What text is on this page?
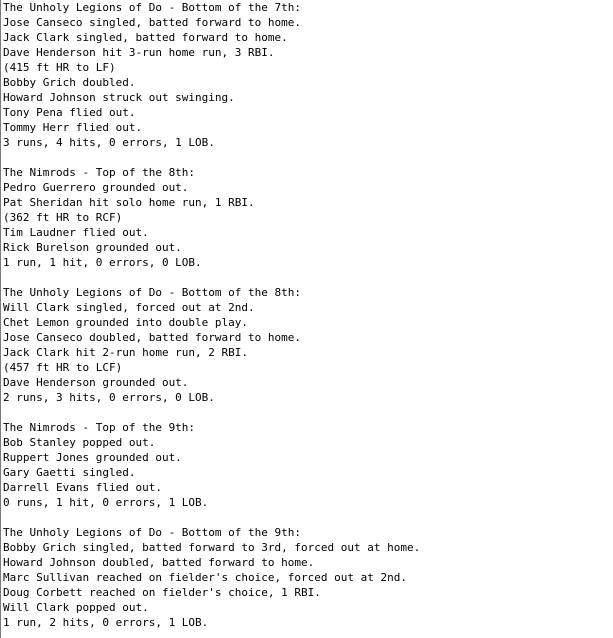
The Unholy Legions of Do - Bottom of the 7th:
Jose Canseco singled, batted forward to home.
Jack Clark singled, batted forward to home.
Dave Henderson hit 3-run home run, 3 RBI.
(415 ft HR to LF)
Bobby Grich doubled.
Howard Johnson struck out swinging.
Tony Pena flied out.
Tommy Herr flied out.
3 runs, 4 hits, 0 errors, 1 LOB.
The Nimrods - Top of the 8th:
Pedro Guerrero grounded out.
Pat Sheridan hit solo home run, 1 RBI.
(362 ft HR to RCF)
Tim Laudner flied out.
Rick Burelson grounded out.
1 run, 1 hit, 0 errors, 0 LOB.
The Unholy Legions of Do - Bottom of the 8th:
Will Clark singled, forced out at 2nd.
Chet Lemon grounded into double play.
Jose Canseco doubled, batted forward to home.
Jack Clark hit 2-run home run, 2 RBI.
(457 ft HR to LCF)
Dave Henderson grounded out.
2 runs, 3 hits, 0 errors, 0 LOB.
The Nimrods - Top of the 9th:
Bob Stanley popped out.
Ruppert Jones grounded out.
Gary Gaetti singled.
Darrell Evans flied out.
0 runs, 1 hit, 0 errors, 1 LOB.
The Unholy Legions of Do - Bottom of the 9th:
Bobby Grich singled, batted forward to 3rd, forced out at home.
Howard Johnson doubled, batted forward to home.
Marc Sullivan reached on fielder's choice, forced out at 2nd.
Doug Corbett reached on fielder's choice, 1 RBI.
Will Clark popped out.
1 run, 2 hits, 0 errors, 1 LOB.
